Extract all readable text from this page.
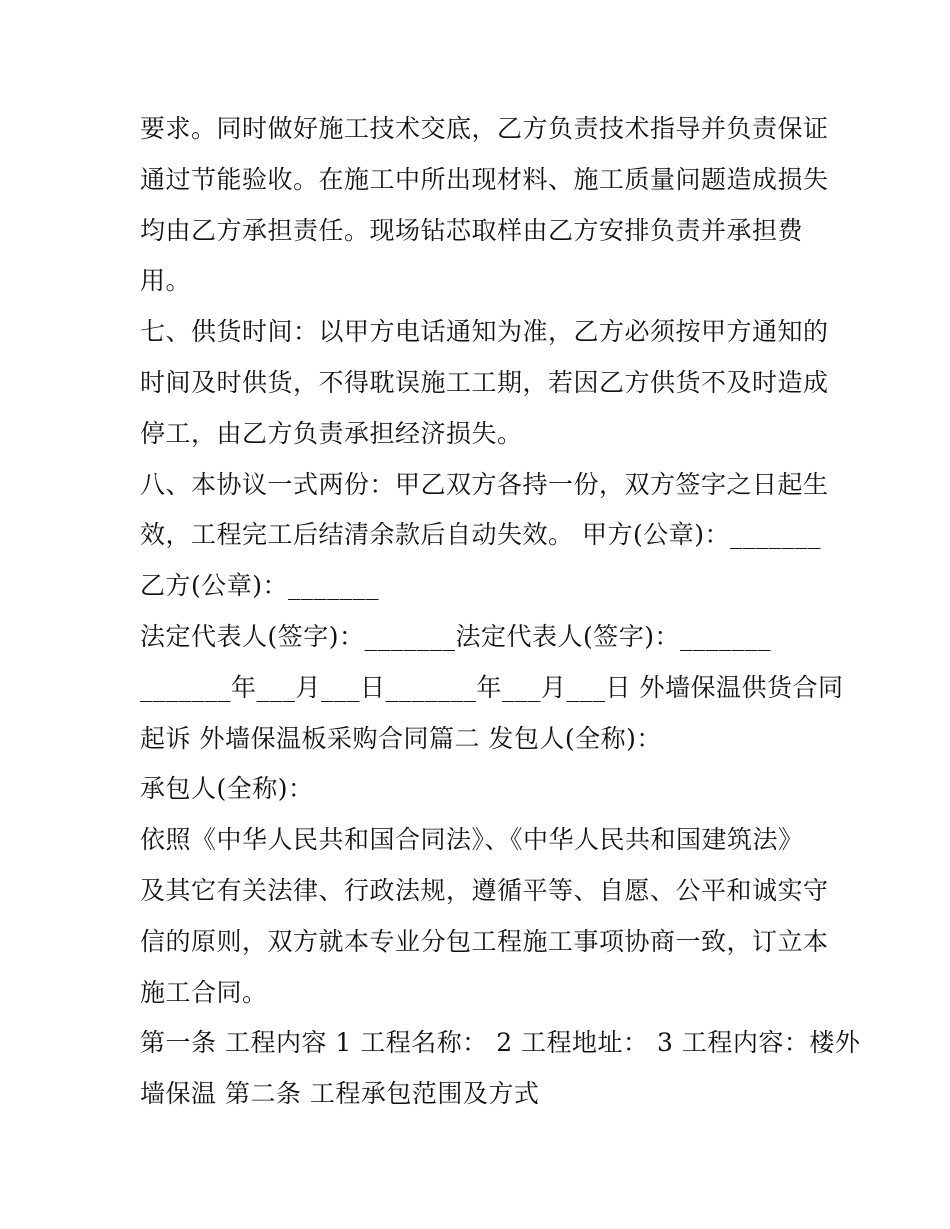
要求。同时做好施工技术交底，乙方负责技术指导并负责保证
通过节能验收。在施工中所出现材料、施工质量问题造成损失
均由乙方承担责任。现场钻芯取样由乙方安排负责并承担费
用。
七、供货时间：以甲方电话通知为准，乙方必须按甲方通知的
时间及时供货，不得耽误施工工期，若因乙方供货不及时造成
停工，由乙方负责承担经济损失。
八、本协议一式两份：甲乙双方各持一份，双方签字之日起生
效，工程完工后结清余款后自动失效。 甲方(公章)：_______
乙方(公章)：_______
法定代表人(签字)：_______法定代表人(签字)：_______
_______年___月___日_______年___月___日 外墙保温供货合同
起诉 外墙保温板采购合同篇二 发包人(全称)：
承包人(全称)：
依照《中华人民共和国合同法》、《中华人民共和国建筑法》
及其它有关法律、行政法规，遵循平等、自愿、公平和诚实守
信的原则，双方就本专业分包工程施工事项协商一致，订立本
施工合同。
第一条 工程内容 1 工程名称： 2 工程地址： 3 工程内容：楼外
墙保温 第二条 工程承包范围及方式
